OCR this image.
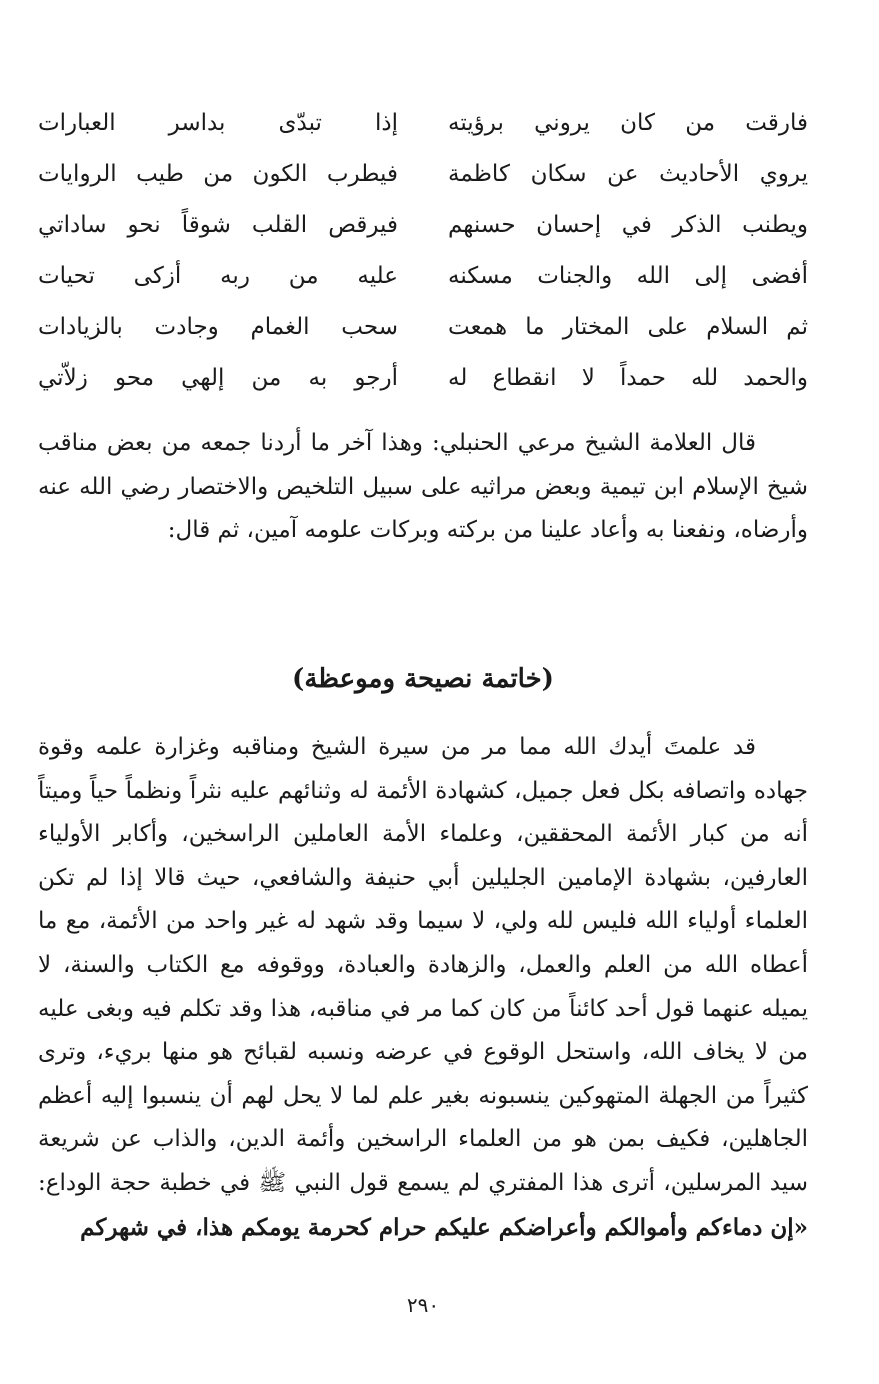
فارقت من كان يروني برؤيته
إذا تبدّى بداسر العبارات
يروي الأحاديث عن سكان كاظمة
فيطرب الكون من طيب الروايات
ويطنب الذكر في إحسان حسنهم
فيرقص القلب شوقاً نحو ساداتي
أفضى إلى الله والجنات مسكنه
عليه من ربه أزكى تحيات
ثم السلام على المختار ما همعت
سحب الغمام وجادت بالزيادات
والحمد لله حمداً لا انقطاع له
أرجو به من إلهي محو زلاّتي

قال العلامة الشيخ مرعي الحنبلي: وهذا آخر ما أردنا جمعه من بعض مناقب شيخ الإسلام ابن تيمية وبعض مراثيه على سبيل التلخيص والاختصار رضي الله عنه وأرضاه، ونفعنا به وأعاد علينا من بركته وبركات علومه آمين، ثم قال:

(خاتمة نصيحة وموعظة)

قد علمتَ أيدك الله مما مر من سيرة الشيخ ومناقبه وغزارة علمه وقوة جهاده واتصافه بكل فعل جميل، كشهادة الأئمة له وثنائهم عليه نثراً ونظماً حياً وميتاً أنه من كبار الأئمة المحققين، وعلماء الأمة العاملين الراسخين، وأكابر الأولياء العارفين، بشهادة الإمامين الجليلين أبي حنيفة والشافعي، حيث قالا إذا لم تكن العلماء أولياء الله فليس لله ولي، لا سيما وقد شهد له غير واحد من الأئمة، مع ما أعطاه الله من العلم والعمل، والزهادة والعبادة، ووقوفه مع الكتاب والسنة، لا يميله عنهما قول أحد كائناً من كان كما مر في مناقبه، هذا وقد تكلم فيه وبغى عليه من لا يخاف الله، واستحل الوقوع في عرضه ونسبه لقبائح هو منها بريء، وترى كثيراً من الجهلة المتهوكين ينسبونه بغير علم لما لا يحل لهم أن ينسبوا إليه أعظم الجاهلين، فكيف بمن هو من العلماء الراسخين وأئمة الدين، والذاب عن شريعة سيد المرسلين، أترى هذا المفتري لم يسمع قول النبي ﷺ في خطبة حجة الوداع: «إن دماءكم وأموالكم وأعراضكم عليكم حرام كحرمة يومكم هذا، في شهركم

٢٩٠
